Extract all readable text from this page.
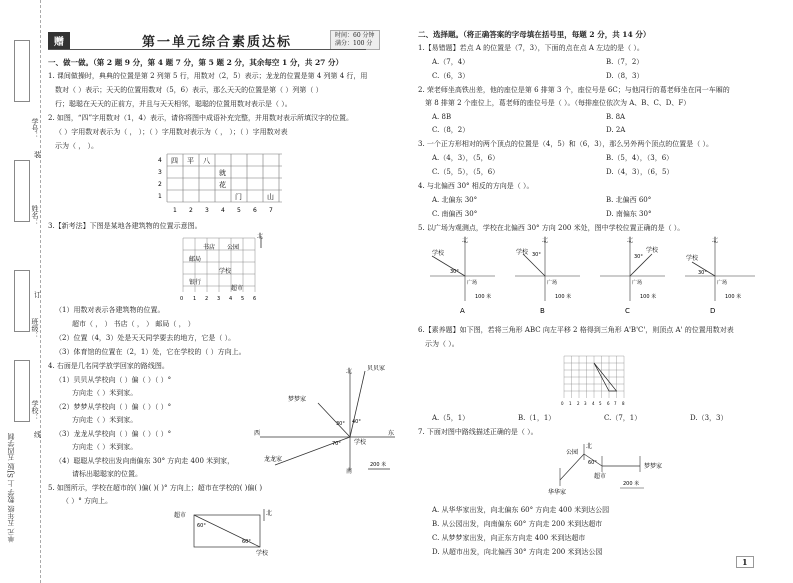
学号：
装
姓名：
订
班级：
学校：
线
单元 五年级 数学 上 SJ版 五四学制
赠	第一单元综合素质达标	时间：60 分钟
满分：100 分
一、做一做。（第 2 题 9 分，第 4 题 7 分，第 5 题 2 分，其余每空 1 分，共 27 分）
1. 课间做操时，典典的位置是第 2 列第 5 行，用数对（2，5）表示；龙龙的位置是第 4 列第 4 行，用
数对（ ）表示；天天的位置用数对（5，6）表示，那么天天的位置是第（ ）列第（ ）
行；聪聪在天天的正前方，并且与天天相邻，聪聪的位置用数对表示是（ ）。
2. 如图，“四”字用数对（1，4）表示，请你将图中成语补充完整，并用数对表示所填汉字的位置。
（ ）字用数对表示为（ ， ）；（ ）字用数对表示为（ ， ）；（ ）字用数对表
示为（ ， ）。
4
3
2
1
1 2 3 4 5 6 7
四 平 八
就
花
门	山
3.【新考法】下图是某地各建筑物的位置示意图。
北
书店 公园
邮局
学校
银行
超市
0 1 2 3 4 5 6
（1）用数对表示各建筑物的位置。
超市（ ， ） 书店（ ， ） 邮局（ ， ）
（2）位置（4，3）处是天天同学要去的地方，它是（ ）。
（3）体育馆的位置在（2，1）处，它在学校的（ ）方向上。
4. 右面是几名同学放学回家的路线图。
（1）贝贝从学校向（ ）偏（ ）（ ）°
方向走（ ）米到家。
（2）梦梦从学校向（ ）偏（ ）（ ）°
方向走（ ）米到家。
（3）龙龙从学校向（ ）偏（ ）（ ）°
方向走（ ）米到家。
（4）聪聪从学校出发向南偏东 30° 方向走 400 米到家，
请标出聪聪家的位置。
北
南
东
西
贝贝家
梦梦家
龙龙家
学校
40°
30°
70°
200 米
5. 如图所示，学校在超市的( )偏( )( )° 方向上；超市在学校的( )偏( )
（ ）° 方向上。
北
超市
学校
60°
60°
二、选择题。（将正确答案的字母填在括号里，每题 2 分，共 14 分）
1.【易错题】若点 A 的位置是（7，3），下面的点在点 A 左边的是（ ）。
A.（7，4）	B.（7，2）
C.（6，3）	D.（8，3）
2. 荣老师坐高铁出差，他的座位是第 6 排第 3 个，座位号是 6C；与他同行的葛老师坐在同一车厢的
第 8 排第 2 个座位上，葛老师的座位号是（ ）。（每排座位依次为 A、B、C、D、F）
A. 8B	B. 8A
C.（8，2）	D. 2A
3. 一个正方形相对的两个顶点的位置是（4，5）和（6，3），那么另外两个顶点的位置是（ ）。
A.（4，3），（5，6）	B.（5，4），（3，6）
C.（5，5），（5，6）	D.（4，3），（6，5）
4. 与北偏西 30° 相反的方向是（ ）。
A. 北偏东 30°	B. 北偏西 60°
C. 南偏西 30°	D. 南偏东 30°
5. 以广场为观测点，学校在北偏西 30° 方向 200 米处，图中学校位置正确的是（ ）。
北
学校
广场
30°
100 米
A
北
学校
广场
30°
100 米
B
北
学校
广场
30°
100 米
C
北
学校
广场
30°
100 米
D
6.【素养题】如下图，若将三角形 ABC 向左平移 2 格得到三角形 A'B'C'，则顶点 A' 的位置用数对表
示为（ ）。
0 1 2 3 4 5 6 7 8
A.（5，1）	B.（1，1）	C.（7，1）	D.（3，3）
7. 下面对图中路线描述正确的是（ ）。
北
公园
华华家
超市
梦梦家
60°
200 米
A. 从华华家出发，向北偏东 60° 方向走 400 米到达公园
B. 从公园出发，向南偏东 60° 方向走 200 米到达超市
C. 从梦梦家出发，向正东方向走 400 米到达超市
D. 从超市出发，向北偏西 30° 方向走 200 米到达公园
1
